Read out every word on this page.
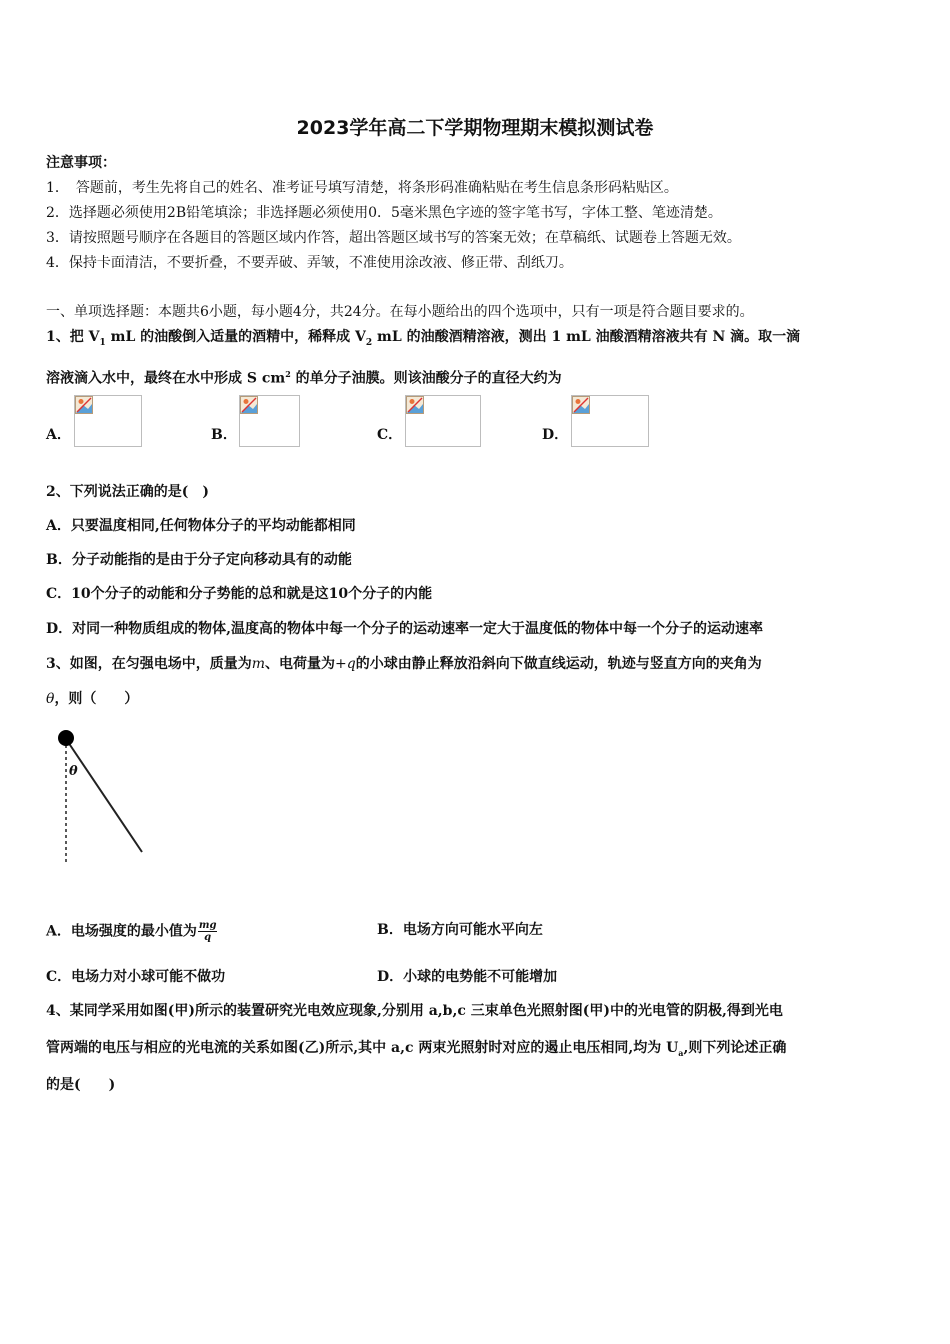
2023学年高二下学期物理期末模拟测试卷
注意事项：
1．　答题前，考生先将自己的姓名、准考证号填写清楚，将条形码准确粘贴在考生信息条形码粘贴区。
2．选择题必须使用2B铅笔填涂；非选择题必须使用0．5毫米黑色字迹的签字笔书写，字体工整、笔迹清楚。
3．请按照题号顺序在各题目的答题区域内作答，超出答题区域书写的答案无效；在草稿纸、试题卷上答题无效。
4．保持卡面清洁，不要折叠，不要弄破、弄皱，不准使用涂改液、修正带、刮纸刀。
一、单项选择题：本题共6小题，每小题4分，共24分。在每小题给出的四个选项中，只有一项是符合题目要求的。
1、把 $V_1$ mL 的油酸倒入适量的酒精中，稀释成 $V_2$ mL 的油酸酒精溶液，测出 1 mL 油酸酒精溶液共有 N 滴。取一滴
溶液滴入水中，最终在水中形成 S $cm^2$ 的单分子油膜。则该油酸分子的直径大约为
A．	B．	C．	D．
2、下列说法正确的是(　)
A．只要温度相同,任何物体分子的平均动能都相同
B．分子动能指的是由于分子定向移动具有的动能
C．10个分子的动能和分子势能的总和就是这10个分子的内能
D．对同一种物质组成的物体,温度高的物体中每一个分子的运动速率一定大于温度低的物体中每一个分子的运动速率
3、如图，在匀强电场中，质量为m、电荷量为+q的小球由静止释放沿斜向下做直线运动，轨迹与竖直方向的夹角为
θ，则（　　）
θ
A．电场强度的最小值为 $\frac{mg}{q}$	B．电场方向可能水平向左
C．电场力对小球可能不做功	D．小球的电势能不可能增加
4、某同学采用如图(甲)所示的装置研究光电效应现象,分别用 a,b,c 三束单色光照射图(甲)中的光电管的阴极,得到光电
管两端的电压与相应的光电流的关系如图(乙)所示,其中 a,c 两束光照射时对应的遏止电压相同,均为 $U_a$,则下列论述正确
的是(　　)
